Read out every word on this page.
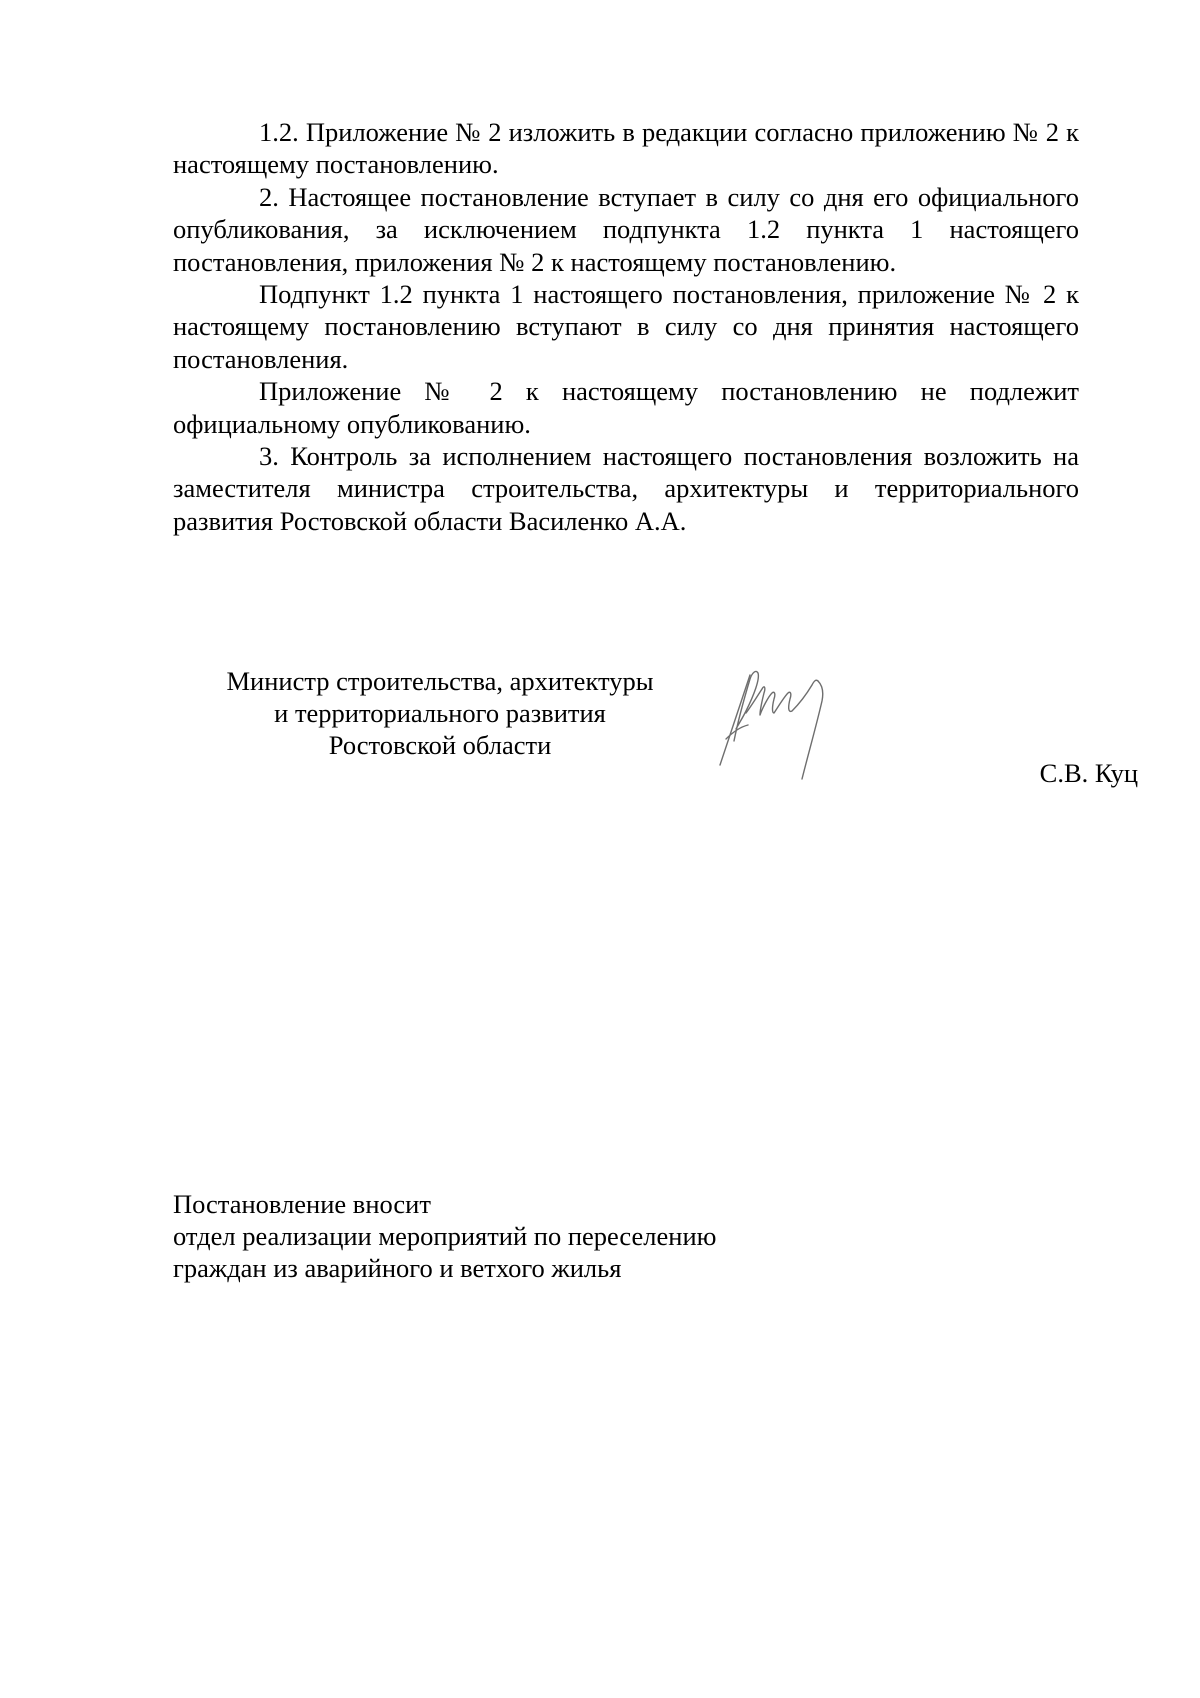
1.2. Приложение № 2 изложить в редакции согласно приложению № 2 к настоящему постановлению.

2. Настоящее постановление вступает в силу со дня его официального опубликования, за исключением подпункта 1.2 пункта 1 настоящего постановления, приложения № 2 к настоящему постановлению.

Подпункт 1.2 пункта 1 настоящего постановления, приложение № 2 к настоящему постановлению вступают в силу со дня принятия настоящего постановления.

Приложение № 2 к настоящему постановлению не подлежит официальному опубликованию.

3. Контроль за исполнением настоящего постановления возложить на заместителя министра строительства, архитектуры и территориального развития Ростовской области Василенко А.А.

Министр строительства, архитектуры
и территориального развития
Ростовской области
С.В. Куц
Постановление вносит
отдел реализации мероприятий по переселению
граждан из аварийного и ветхого жилья
